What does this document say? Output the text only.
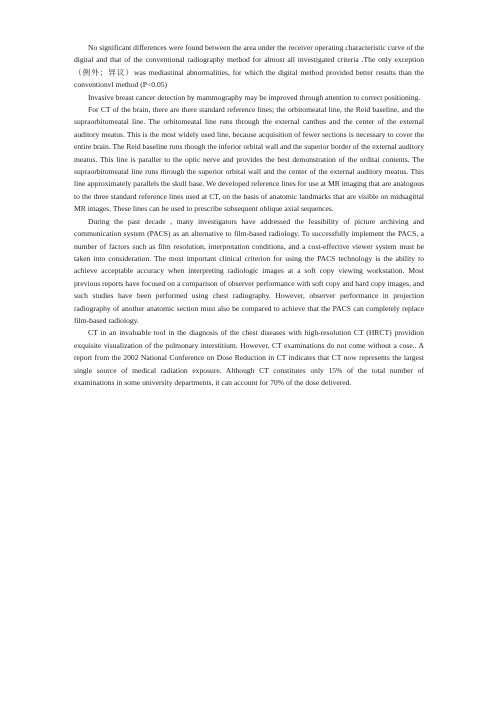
No significant differences were found between the area under the receiver operating characteristic curve of the digital and that of the conventional radiography method for almost all investigated criteria .The only exception （例外；异议）was mediastinal abnormalities, for which the digital method provided better results than the conventionvl method (P<0.05)

Invasive breast cancer detection by mammography may be improved through attention to correct positioning.

For CT of the brain, there are there standard reference lines; the orbitomeatal line, the Reid baseline, and the supraorbitomeatal line. The orbitomeatal line runs through the external canthus and the center of the external auditory meatus. This is the most widely used line, because acquisition of fewer sections is necessary to cover the entire brain. The Reid baseline runs though the inferior orbital wall and the superior border of the external auditory meatus. This line is paraller to the optic nerve and provides the best demonstration of the orditai contents. The supraorbitomeatal line runs through the superior orbital wall and the center of the external auditory meatus. This line approximately parallels the skull base. We developed reference lines for use at MR imaging that are analogous to the three standard reference lines used at CT, on the basis of anatomic landmarks that are visible on midsagittal MR images. These lines can be used to prescribe subsequent oblique axial sequences.

During the past decade , many investigators have addressed the feasibility of picture archiving and communication system (PACS) as an alternative to film-based radiology. To successfully implement the PACS, a number of factors such as film resolution, interpretation conditions, and a cost-effective viewer system must be taken into consideration. The most important clinical criterion for using the PACS technology is the ability to achieve acceptable accuracy when interpreting radiologic images at a soft copy viewing workstation. Most previous reports have focused on a comparison of observer performance with soft copy and hard copy images, and such studies have been performed using chest radiography. However, observer performance in projection radiography of another anatomic section must also be compared to achieve that the PACS can completely replace film-based radiology.

CT in an invaluable tool in the diagnosis of the chest diseases with high-resolution CT (HRCT) providion exquisite visualization of the pulmonary interstitium. However, CT examinations do not come without a cose.. A report from the 2002 National Conference on Dose Reduction in CT indicates that CT now represents the largest single source of medical radiation exposure. Although CT constitutes only 15% of the total number of examinations in some university departments, it can account for 70% of the dose delivered.
